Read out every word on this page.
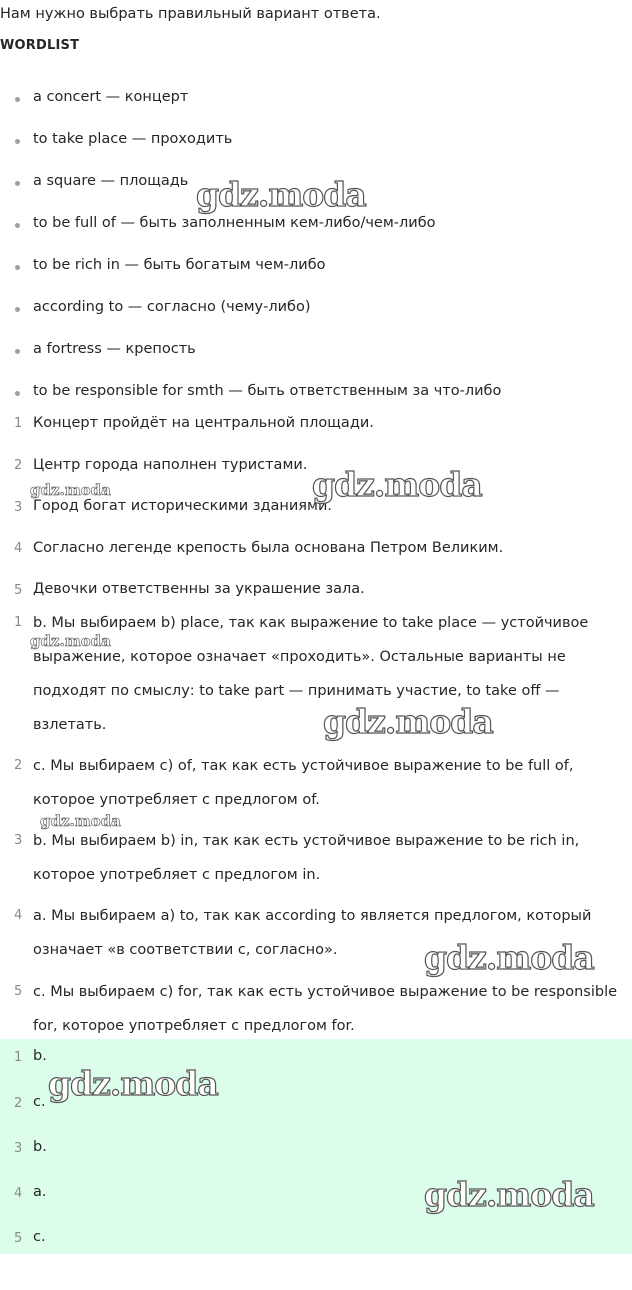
Нам нужно выбрать правильный вариант ответа.
WORDLIST
a concert — концерт
to take place — проходить
a square — площадь
to be full of — быть заполненным кем-либо/чем-либо
to be rich in — быть богатым чем-либо
according to — согласно (чему-либо)
a fortress — крепость
to be responsible for smth — быть ответственным за что-либо
1 Концерт пройдёт на центральной площади.
2 Центр города наполнен туристами.
3 Город богат историческими зданиями.
4 Согласно легенде крепость была основана Петром Великим.
5 Девочки ответственны за украшение зала.
1 b. Мы выбираем b) place, так как выражение to take place — устойчивое выражение, которое означает «проходить». Остальные варианты не подходят по смыслу: to take part — принимать участие, to take off — взлетать.
2 c. Мы выбираем c) of, так как есть устойчивое выражение to be full of, которое употребляет с предлогом of.
3 b. Мы выбираем b) in, так как есть устойчивое выражение to be rich in, которое употребляет с предлогом in.
4 a. Мы выбираем a) to, так как according to является предлогом, который означает «в соответствии с, согласно».
5 c. Мы выбираем c) for, так как есть устойчивое выражение to be responsible for, которое употребляет с предлогом for.
1 b.
2 c.
3 b.
4 a.
5 c.
gdz.moda
gdz.moda
gdz.moda
gdz.moda
gdz.moda
gdz.moda
gdz.moda
gdz.moda
gdz.moda
